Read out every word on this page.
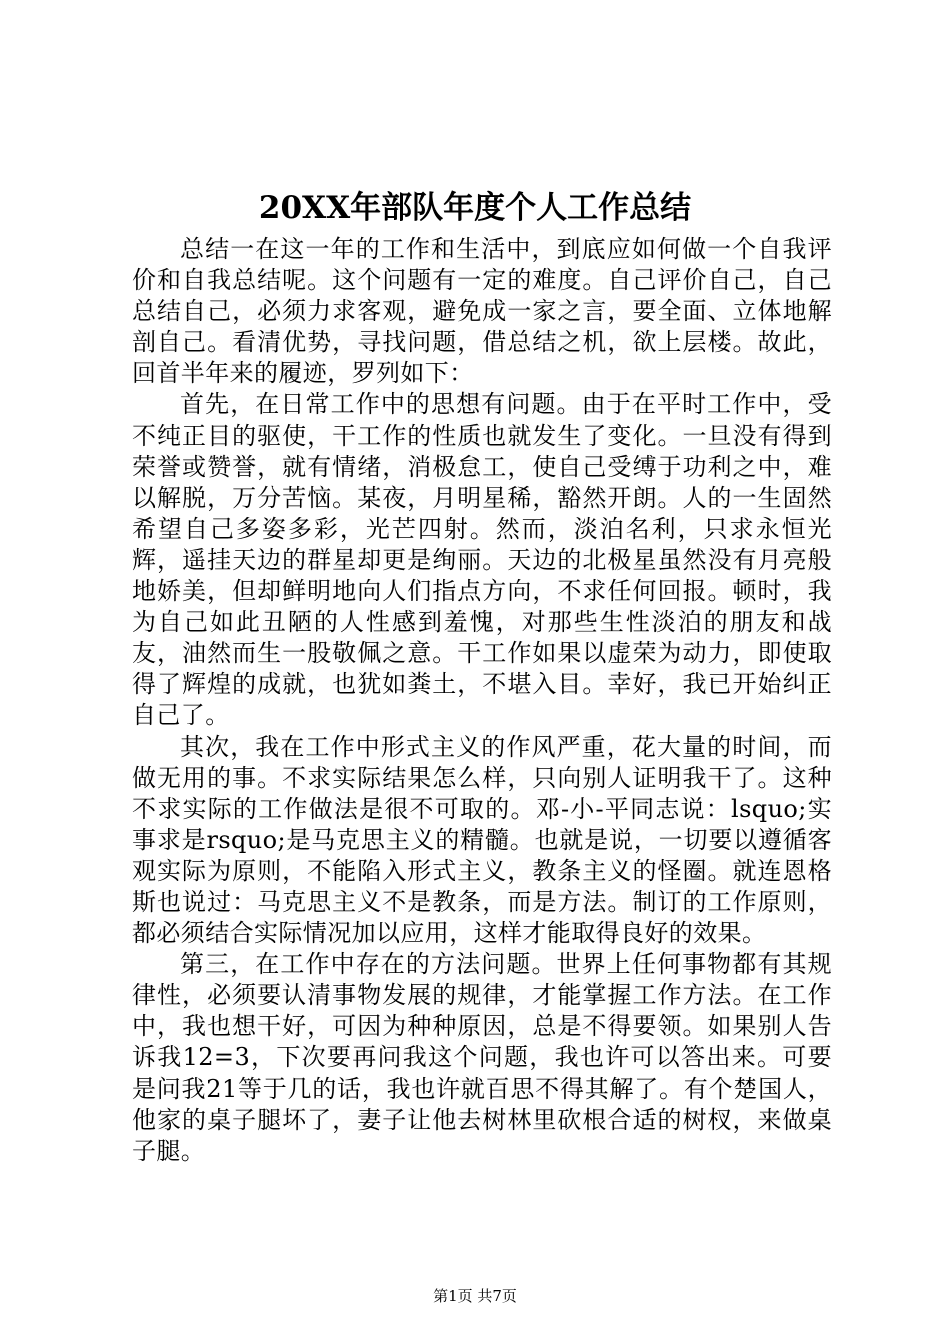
20XX年部队年度个人工作总结

总结一在这一年的工作和生活中，到底应如何做一个自我评价和自我总结呢。这个问题有一定的难度。自己评价自己，自己总结自己，必须力求客观，避免成一家之言，要全面、立体地解剖自己。看清优势，寻找问题，借总结之机，欲上层楼。故此，回首半年来的履迹，罗列如下：

首先，在日常工作中的思想有问题。由于在平时工作中，受不纯正目的驱使，干工作的性质也就发生了变化。一旦没有得到荣誉或赞誉，就有情绪，消极怠工，使自己受缚于功利之中，难以解脱，万分苦恼。某夜，月明星稀，豁然开朗。人的一生固然希望自己多姿多彩，光芒四射。然而，淡泊名利，只求永恒光辉，遥挂天边的群星却更是绚丽。天边的北极星虽然没有月亮般地娇美，但却鲜明地向人们指点方向，不求任何回报。顿时，我为自己如此丑陋的人性感到羞愧，对那些生性淡泊的朋友和战友，油然而生一股敬佩之意。干工作如果以虚荣为动力，即使取得了辉煌的成就，也犹如粪土，不堪入目。幸好，我已开始纠正自己了。

其次，我在工作中形式主义的作风严重，花大量的时间，而做无用的事。不求实际结果怎么样，只向别人证明我干了。这种不求实际的工作做法是很不可取的。邓-小-平同志说：lsquo;实事求是rsquo;是马克思主义的精髓。也就是说，一切要以遵循客观实际为原则，不能陷入形式主义，教条主义的怪圈。就连恩格斯也说过：马克思主义不是教条，而是方法。制订的工作原则，都必须结合实际情况加以应用，这样才能取得良好的效果。

第三，在工作中存在的方法问题。世界上任何事物都有其规律性，必须要认清事物发展的规律，才能掌握工作方法。在工作中，我也想干好，可因为种种原因，总是不得要领。如果别人告诉我12=3，下次要再问我这个问题，我也许可以答出来。可要是问我21等于几的话，我也许就百思不得其解了。有个楚国人，他家的桌子腿坏了，妻子让他去树林里砍根合适的树杈，来做桌子腿。

第1页 共7页
